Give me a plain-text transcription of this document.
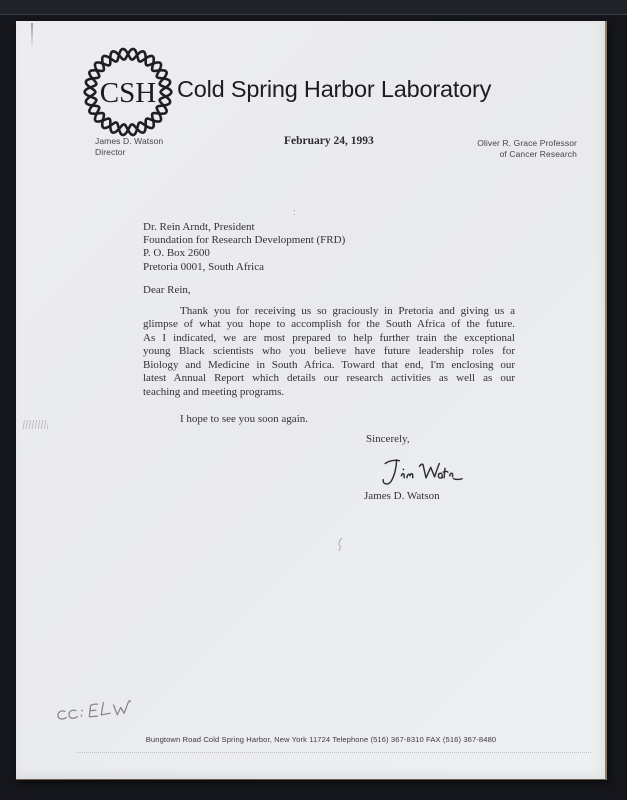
CSH Cold Spring Harbor Laboratory
James D. Watson
Director
February 24, 1993	Oliver R. Grace Professor
of Cancer Research
:
Dr. Rein Arndt, President
Foundation for Research Development (FRD)
P. O. Box 2600
Pretoria 0001, South Africa
Dear Rein,
Thank you for receiving us so graciously in Pretoria and giving us a
glimpse of what you hope to accomplish for the South Africa of the future.
As I indicated, we are most prepared to help further train the exceptional
young Black scientists who you believe have future leadership roles for
Biology and Medicine in South Africa. Toward that end, I'm enclosing our
latest Annual Report which details our research activities as well as our
teaching and meeting programs.
I hope to see you soon again.
Sincerely,
James D. Watson
Bungtown Road Cold Spring Harbor, New York 11724 Telephone (516) 367-8310 FAX (516) 367-8480
